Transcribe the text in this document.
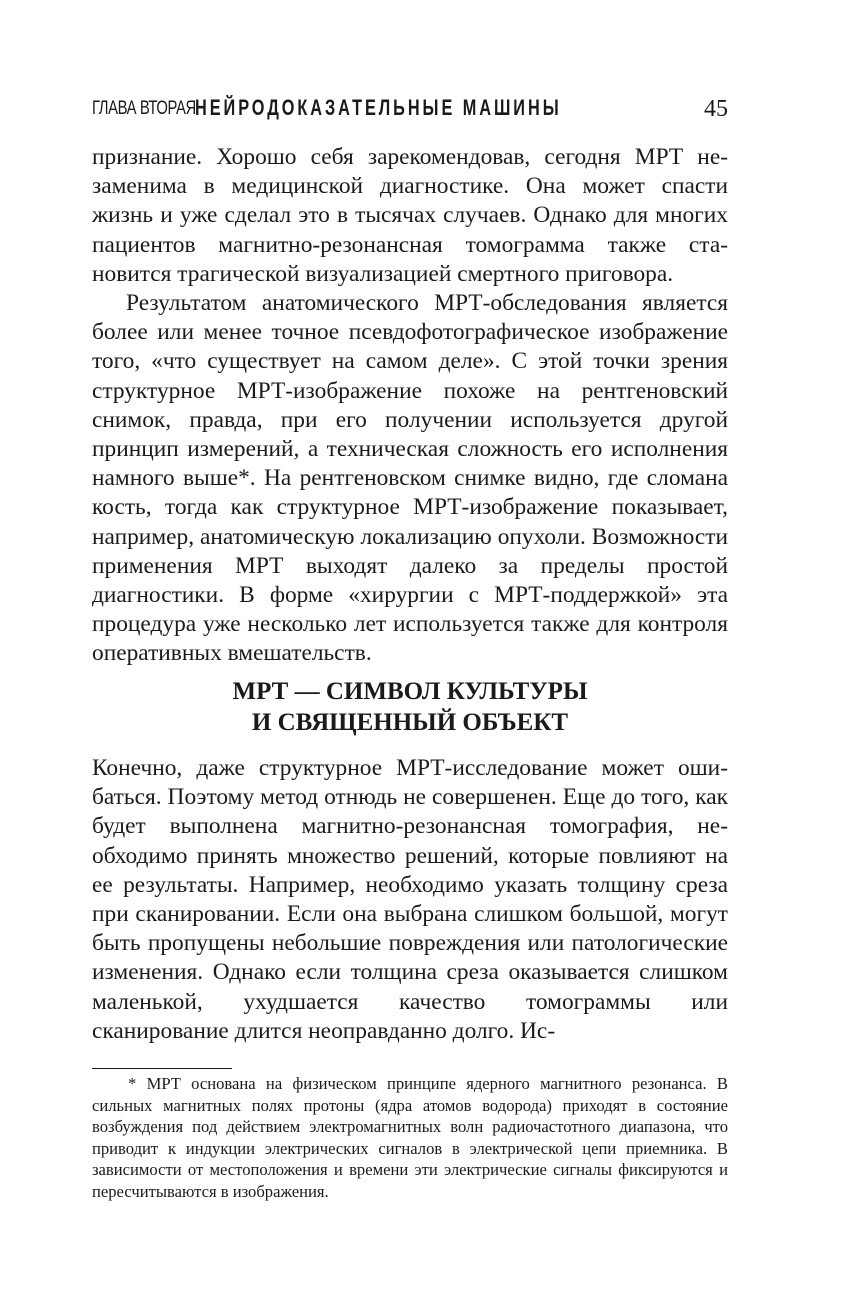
ГЛАВА ВТОРАЯ НЕЙРОДОКАЗАТЕЛЬНЫЕ МАШИНЫ	45

признание. Хорошо себя зарекомендовав, сегодня МРТ незаменима в медицинской диагностике. Она может спасти жизнь и уже сделал это в тысячах случаев. Однако для многих пациентов магнитно-резонансная томограмма также становится трагической визуализацией смертного приговора.

Результатом анатомического МРТ-обследования является более или менее точное псевдофотографическое изображение того, «что существует на самом деле». С этой точки зрения структурное МРТ-изображение похоже на рентгеновский снимок, правда, при его получении используется другой принцип измерений, а техническая сложность его исполнения намного выше*. На рентгеновском снимке видно, где сломана кость, тогда как структурное МРТ-изображение показывает, например, анатомическую локализацию опухоли. Возможности применения МРТ выходят далеко за пределы простой диагностики. В форме «хирургии с МРТ-поддержкой» эта процедура уже несколько лет используется также для контроля оперативных вмешательств.

МРТ — СИМВОЛ КУЛЬТУРЫ
И СВЯЩЕННЫЙ ОБЪЕКТ

Конечно, даже структурное МРТ-исследование может ошибаться. Поэтому метод отнюдь не совершенен. Еще до того, как будет выполнена магнитно-резонансная томография, необходимо принять множество решений, которые повлияют на ее результаты. Например, необходимо указать толщину среза при сканировании. Если она выбрана слишком большой, могут быть пропущены небольшие повреждения или патологические изменения. Однако если толщина среза оказывается слишком маленькой, ухудшается качество томограммы или сканирование длится неоправданно долго. Ис-

* МРТ основана на физическом принципе ядерного магнитного резонанса. В сильных магнитных полях протоны (ядра атомов водорода) приходят в состояние возбуждения под действием электромагнитных волн радиочастотного диапазона, что приводит к индукции электрических сигналов в электрической цепи приемника. В зависимости от местоположения и времени эти электрические сигналы фиксируются и пересчитываются в изображения.
